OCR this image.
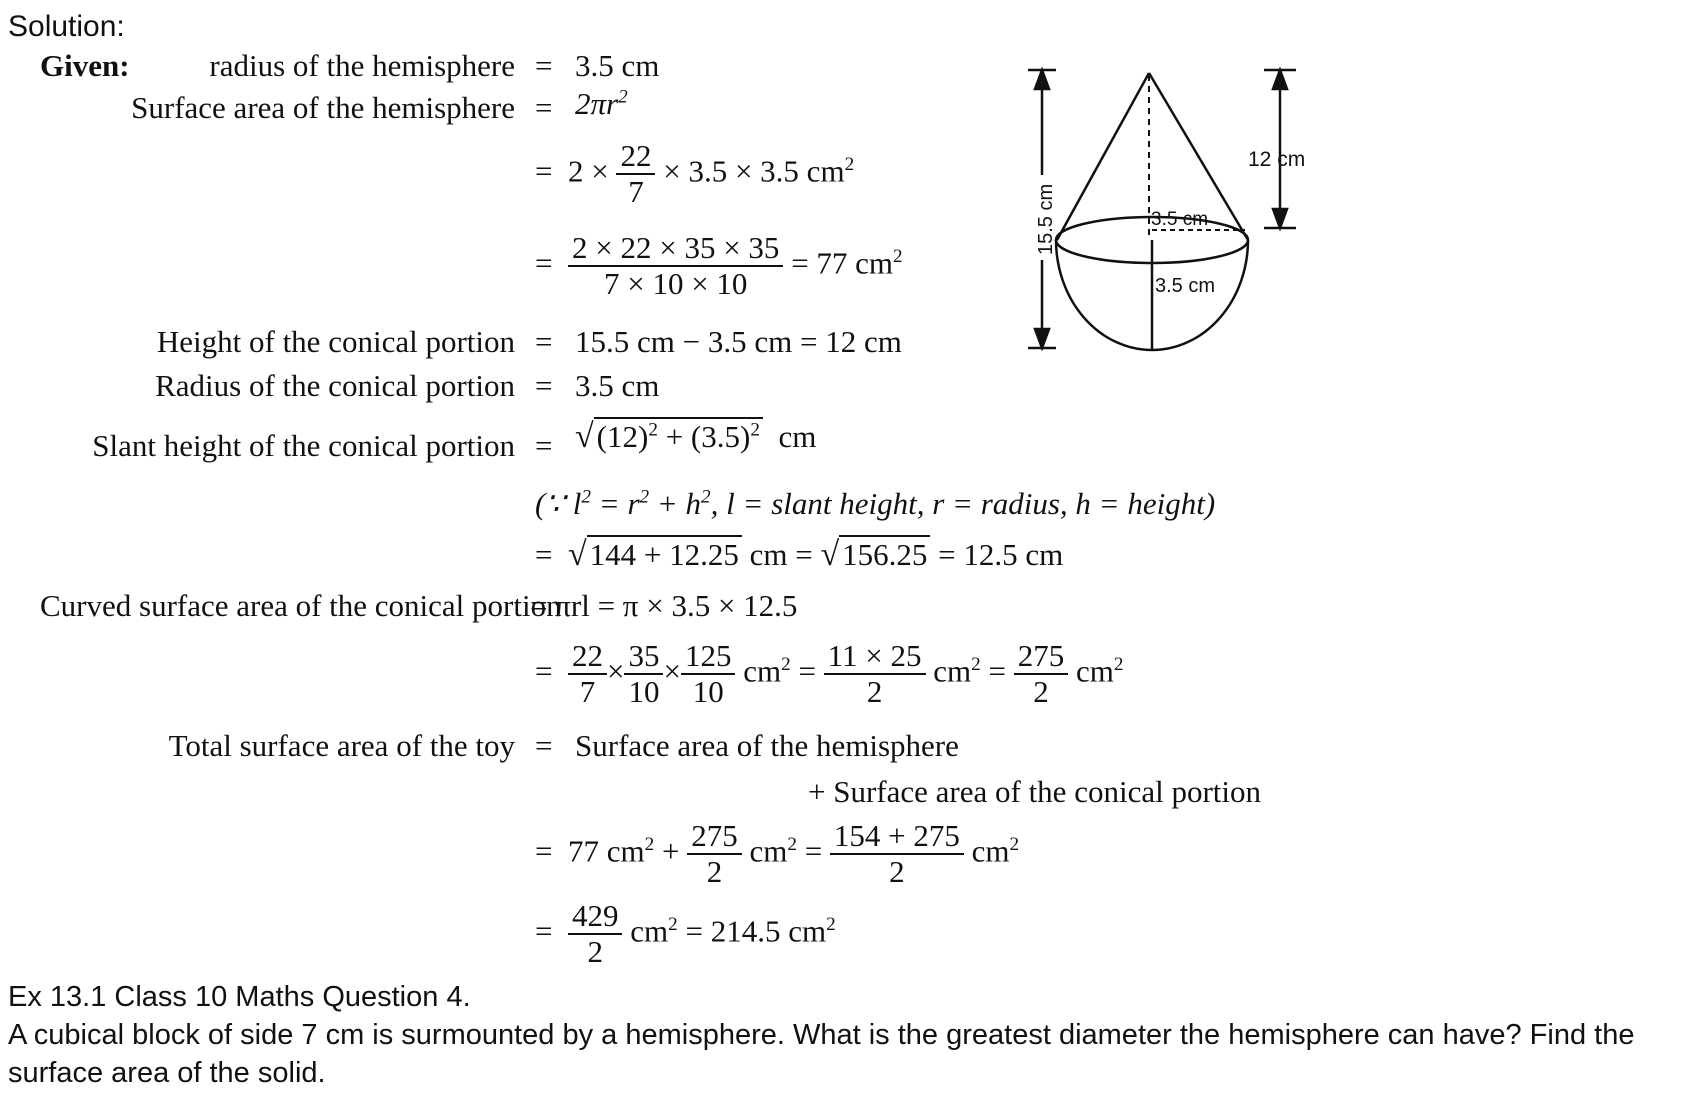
Solution:
Given:	radius of the hemisphere = 3.5 cm
Surface area of the hemisphere = $2\pi r^2$
= $2 \times \frac{22}{7} \times 3.5 \times 3.5$ $cm^2$
= $\frac{2 \times 22 \times 35 \times 35}{7 \times 10 \times 10} = 77$ $cm^2$
Height of the conical portion = 15.5 cm − 3.5 cm = 12 cm
Radius of the conical portion = 3.5 cm
Slant height of the conical portion = $√(12)^2 + (3.5)^2$ cm
(∵ $l^2 = r^2 + h^2$, l = slant height, r = radius, h = height)
= √144 + 12.25 cm = √156.25 = 12.5 cm
Curved surface area of the conical portion
= πrl = π × 3.5 × 12.5
= $\frac{22}{7} \times \frac{35}{10} \times \frac{125}{10} cm^2 = \frac{11 \times 25}{2} cm^2 = \frac{275}{2} cm^2$
Total surface area of the toy = Surface area of the hemisphere
+ Surface area of the conical portion
= 77 $cm^2 + \frac{275}{2} cm^2 = \frac{154 + 275}{2} cm^2$
= $\frac{429}{2} cm^2 = 214.5$ $cm^2$
15.5 cm	3.5 cm
3.5 cm
12 cm
Ex 13.1 Class 10 Maths Question 4.
A cubical block of side 7 cm is surmounted by a hemisphere. What is the greatest diameter the hemisphere can have? Find the surface area of the solid.
